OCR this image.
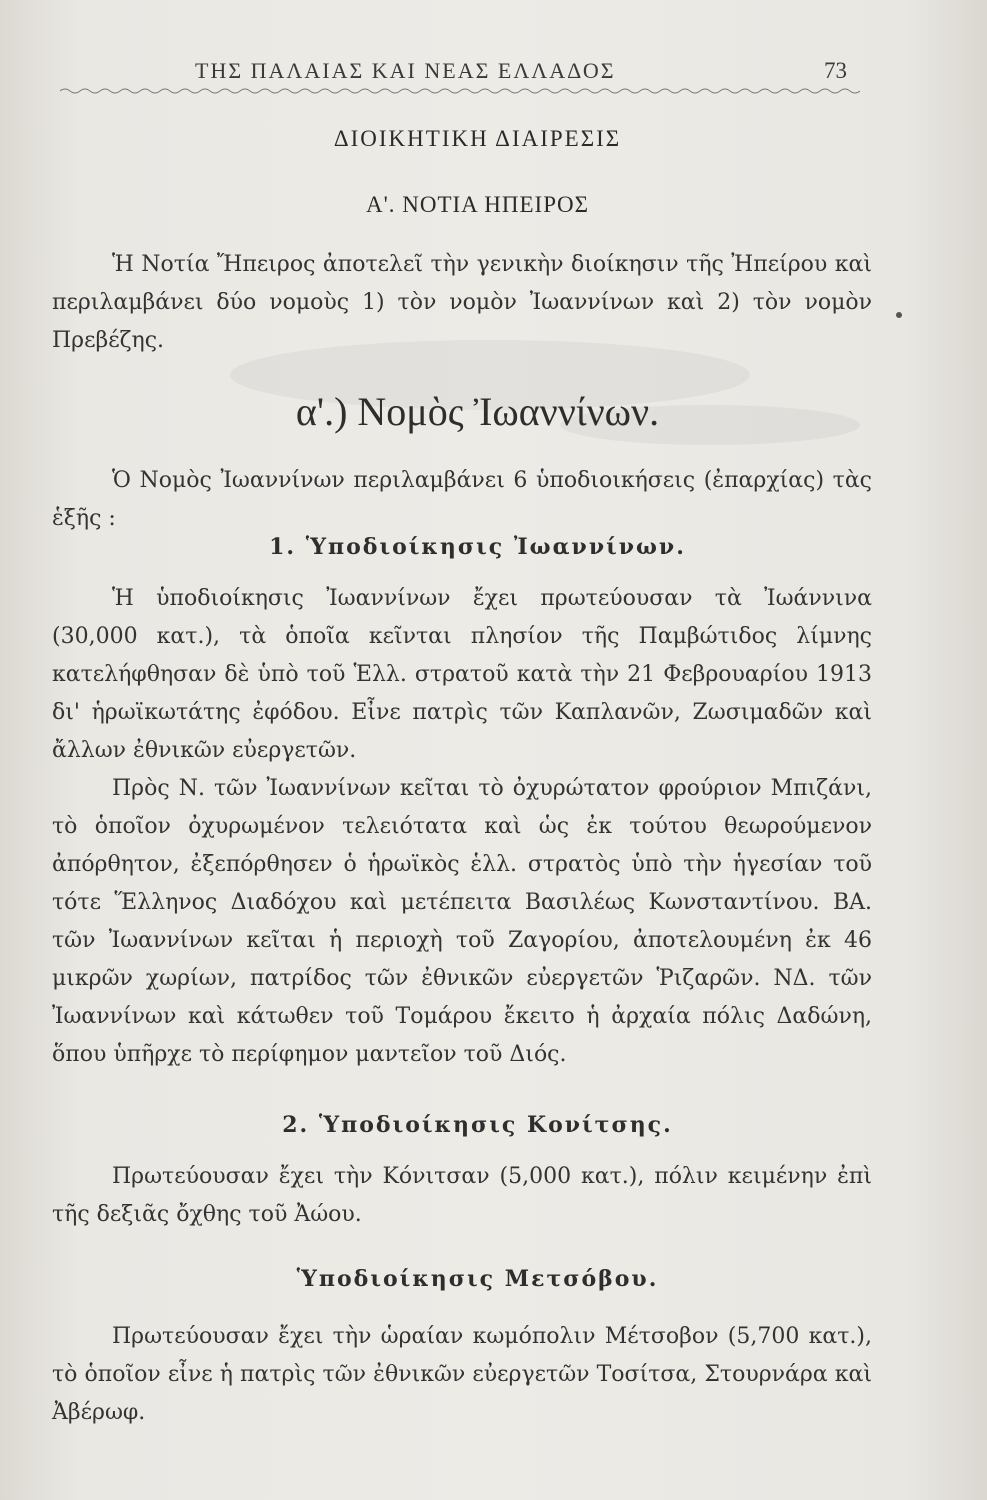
ΤΗΣ ΠΑΛΑΙΑΣ ΚΑΙ ΝΕΑΣ ΕΛΛΑΔΟΣ	73
ΔΙΟΙΚΗΤΙΚΗ ΔΙΑΙΡΕΣΙΣ
Α'. ΝΟΤΙΑ ΗΠΕΙΡΟΣ
Ἡ Νοτία Ἤπειρος ἀποτελεῖ τὴν γενικὴν διοίκησιν τῆς Ἠπείρου καὶ περιλαμβάνει δύο νομοὺς 1) τὸν νομὸν Ἰωαννίνων καὶ 2) τὸν νομὸν Πρεβέζης.
α'.) Νομὸς Ἰωαννίνων.
Ὁ Νομὸς Ἰωαννίνων περιλαμβάνει 6 ὑποδιοικήσεις (ἐπαρχίας) τὰς ἑξῆς :
1. Ὑποδιοίκησις Ἰωαννίνων.
Ἡ ὑποδιοίκησις Ἰωαννίνων ἔχει πρωτεύουσαν τὰ Ἰωάννινα (30,000 κατ.), τὰ ὁποῖα κεῖνται πλησίον τῆς Παμβώτιδος λίμνης κατελήφθησαν δὲ ὑπὸ τοῦ Ἑλλ. στρατοῦ κατὰ τὴν 21 Φεβρουαρίου 1913 δι' ἡρωϊκωτάτης ἐφόδου. Εἶνε πατρὶς τῶν Καπλανῶν, Ζωσιμαδῶν καὶ ἄλλων ἐθνικῶν εὐεργετῶν.
Πρὸς Ν. τῶν Ἰωαννίνων κεῖται τὸ ὀχυρώτατον φρούριον Μπιζάνι, τὸ ὁποῖον ὀχυρωμένον τελειότατα καὶ ὡς ἐκ τούτου θεωρούμενον ἀπόρθητον, ἐξεπόρθησεν ὁ ἡρωϊκὸς ἑλλ. στρατὸς ὑπὸ τὴν ἡγεσίαν τοῦ τότε Ἕλληνος Διαδόχου καὶ μετέπειτα Βασιλέως Κωνσταντίνου. ΒΑ. τῶν Ἰωαννίνων κεῖται ἡ περιοχὴ τοῦ Ζαγορίου, ἀποτελουμένη ἐκ 46 μικρῶν χωρίων, πατρίδος τῶν ἐθνικῶν εὐεργετῶν Ῥιζαρῶν. ΝΔ. τῶν Ἰωαννίνων καὶ κάτωθεν τοῦ Τομάρου ἔκειτο ἡ ἀρχαία πόλις Δαδώνη, ὅπου ὑπῆρχε τὸ περίφημον μαντεῖον τοῦ Διός.
2. Ὑποδιοίκησις Κονίτσης.
Πρωτεύουσαν ἔχει τὴν Κόνιτσαν (5,000 κατ.), πόλιν κειμένην ἐπὶ τῆς δεξιᾶς ὄχθης τοῦ Ἀώου.
Ὑποδιοίκησις Μετσόβου.
Πρωτεύουσαν ἔχει τὴν ὡραίαν κωμόπολιν Μέτσοβον (5,700 κατ.), τὸ ὁποῖον εἶνε ἡ πατρὶς τῶν ἐθνικῶν εὐεργετῶν Τοσίτσα, Στουρνάρα καὶ Ἀβέρωφ.
